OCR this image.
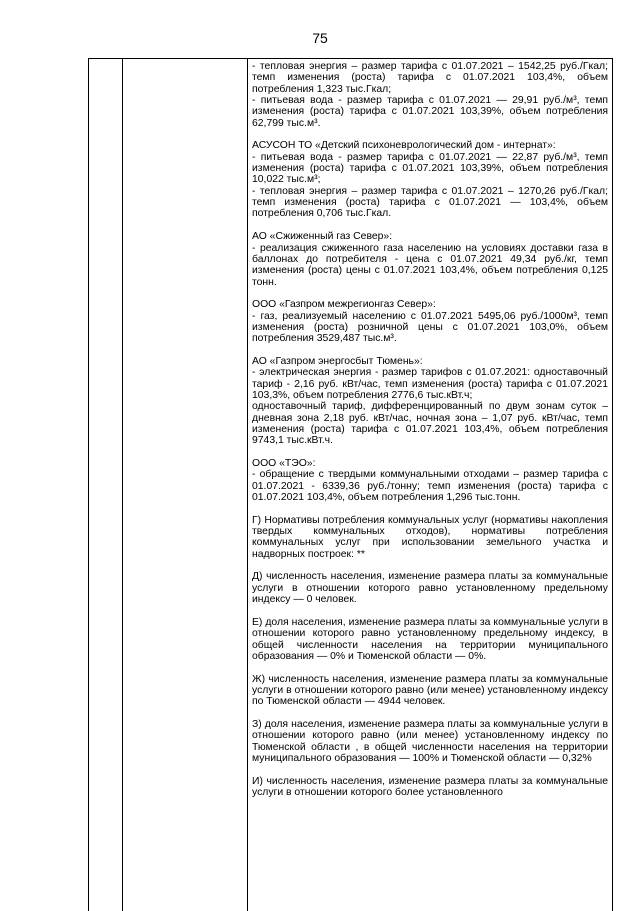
75

- тепловая энергия – размер тарифа с 01.07.2021 – 1542,25 руб./Гкал; темп изменения (роста) тарифа с 01.07.2021 103,4%, объем потребления 1,323 тыс.Гкал;

- питьевая вода - размер тарифа с 01.07.2021 — 29,91 руб./м³, темп изменения (роста) тарифа с 01.07.2021 103,39%, объем потребления 62,799 тыс.м³.

АСУСОН ТО «Детский психоневрологический дом - интернат»:

- питьевая вода - размер тарифа с 01.07.2021 — 22,87 руб./м³, темп изменения (роста) тарифа с 01.07.2021 103,39%, объем потребления 10,022 тыс.м³;

- тепловая энергия – размер тарифа с 01.07.2021 – 1270,26 руб./Гкал; темп изменения (роста) тарифа с 01.07.2021 — 103,4%, объем потребления 0,706 тыс.Гкал.

АО «Сжиженный газ Север»:

- реализация сжиженного газа населению на условиях доставки газа в баллонах до потребителя - цена с 01.07.2021 49,34 руб./кг, темп изменения (роста) цены с 01.07.2021 103,4%, объем потребления 0,125 тонн.

ООО «Газпром межрегионгаз Север»:

- газ, реализуемый населению с 01.07.2021 5495,06 руб./1000м³, темп изменения (роста) розничной цены с 01.07.2021 103,0%, объем потребления 3529,487 тыс.м³.

АО «Газпром энергосбыт Тюмень»:

- электрическая энергия - размер тарифов с 01.07.2021: одноставочный тариф - 2,16 руб. кВт/час, темп изменения (роста) тарифа с 01.07.2021 103,3%, объем потребления 2776,6 тыс.кВт.ч;

одноставочный тариф, дифференцированный по двум зонам суток – дневная зона 2,18 руб. кВт/час, ночная зона – 1,07 руб. кВт/час, темп изменения (роста) тарифа с 01.07.2021 103,4%, объем потребления 9743,1 тыс.кВт.ч.

ООО «ТЭО»:

- обращение с твердыми коммунальными отходами – размер тарифа с 01.07.2021 - 6339,36 руб./тонну; темп изменения (роста) тарифа с 01.07.2021 103,4%, объем потребления 1,296 тыс.тонн.

Г) Нормативы потребления коммунальных услуг (нормативы накопления твердых коммунальных отходов), нормативы потребления коммунальных услуг при использовании земельного участка и надворных построек: **

Д) численность населения, изменение размера платы за коммунальные услуги в отношении которого равно установленному предельному индексу — 0 человек.

Е) доля населения, изменение размера платы за коммунальные услуги в отношении которого равно установленному предельному индексу, в общей численности населения на территории муниципального образования — 0% и Тюменской области — 0%.

Ж) численность населения, изменение размера платы за коммунальные услуги в отношении которого равно (или менее) установленному индексу по Тюменской области — 4944 человек.

З) доля населения, изменение размера платы за коммунальные услуги в отношении которого равно (или менее) установленному индексу по Тюменской области , в общей численности населения на территории муниципального образования — 100% и Тюменской области — 0,32%

И) численность населения, изменение размера платы за коммунальные услуги в отношении которого более установленного
